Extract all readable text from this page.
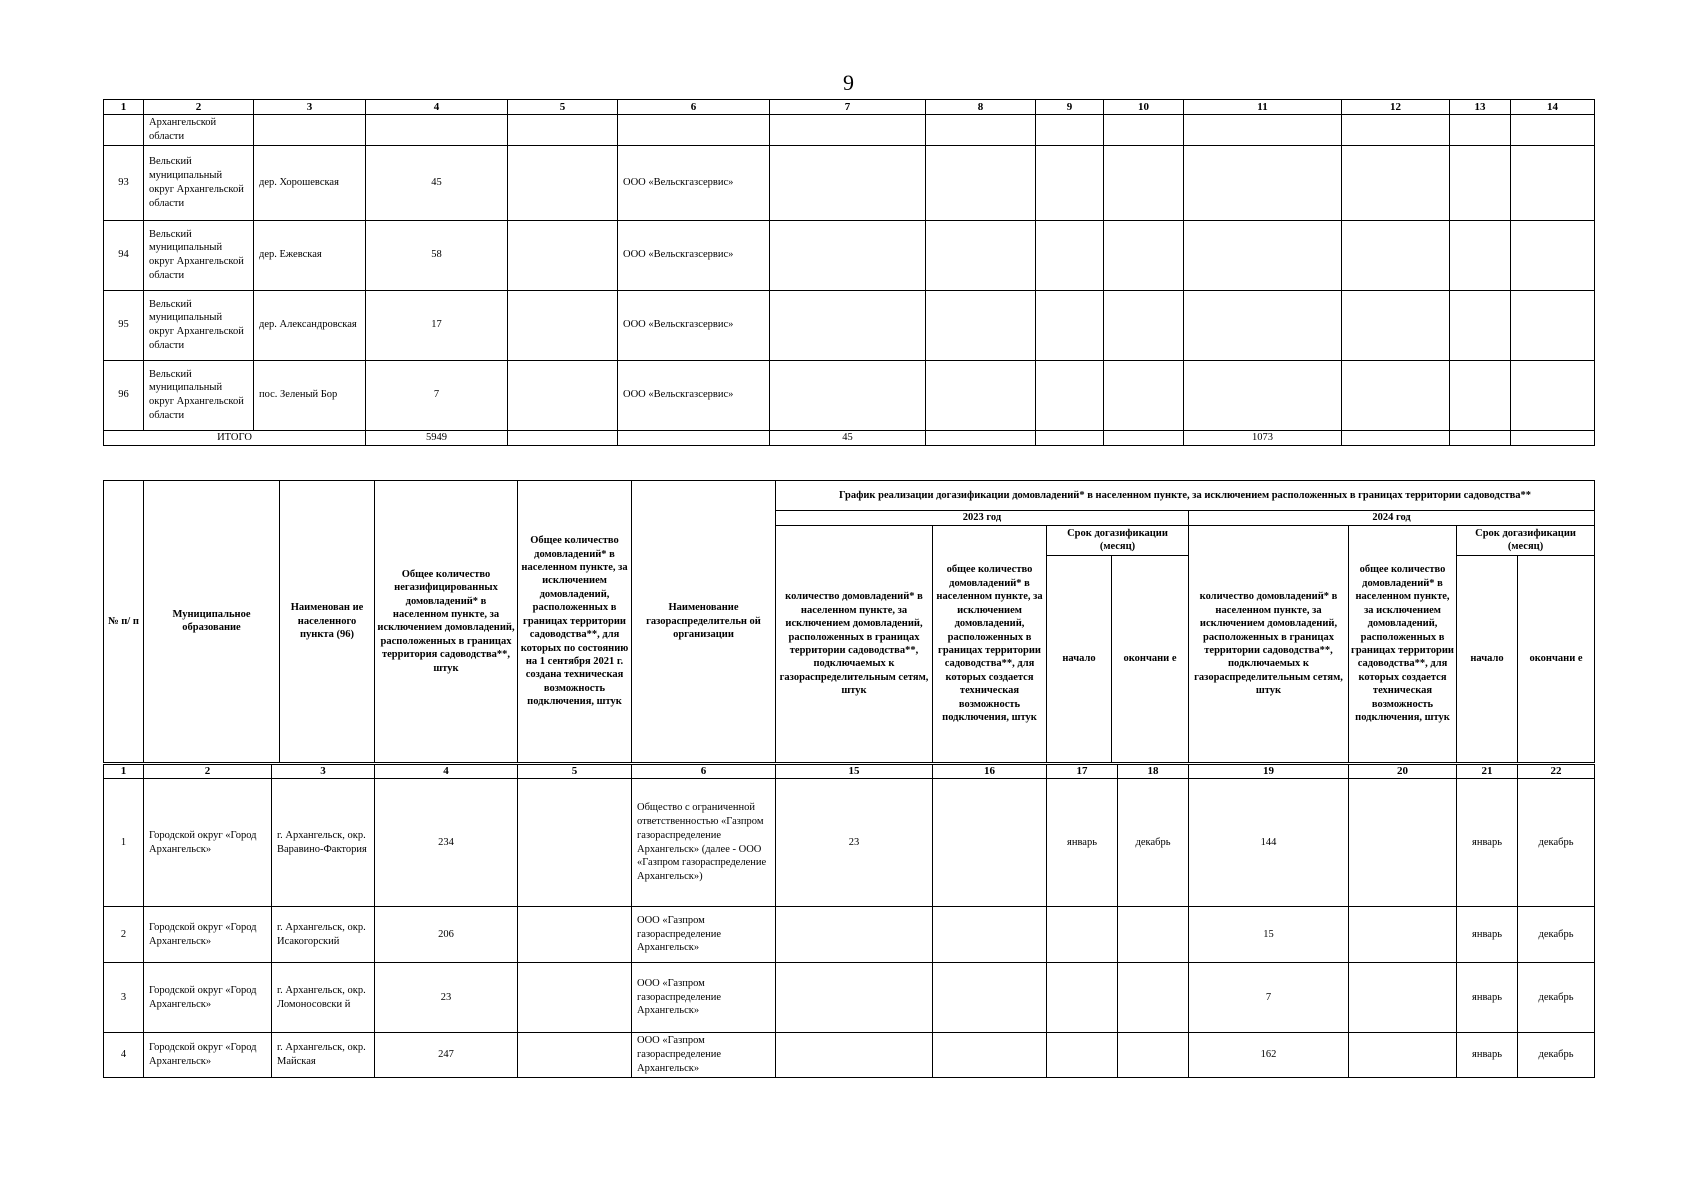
9
1	2	3	4	5	6	7	8	9	10	11	12	13	14
	Архангельской области												
93	Вельский муниципальный округ Архангельской области	дер. Хорошевская	45		ООО «Вельскгазсервис»								
94	Вельский муниципальный округ Архангельской области	дер. Ежевская	58		ООО «Вельскгазсервис»								
95	Вельский муниципальный округ Архангельской области	дер. Александровская	17		ООО «Вельскгазсервис»								
96	Вельский муниципальный округ Архангельской области	пос. Зеленый Бор	7		ООО «Вельскгазсервис»								
ИТОГО			5949			45				1073			
№ п/ п	Муниципальное образование	Наименован ие населенного пункта (96)	Общее количество негазифицированных домовладений* в населенном пункте, за исключением домовладений, расположенных в границах территория садоводства**, штук	Общее количество домовладений* в населенном пункте, за исключением домовладений, расположенных в границах территории садоводства**, для которых по состоянию на 1 сентября 2021 г. создана техническая возможность подключения, штук	Наименование газораспределительн ой организации	График реализации догазификации домовладений* в населенном пункте, за исключением расположенных в границах территории садоводства**							
						2023 год				2024 год			
						количество домовладений* в населенном пункте, за исключением домовладений, расположенных в границах территории садоводства**, подключаемых к газораспределительным сетям, штук	общее количество домовладений* в населенном пункте, за исключением домовладений, расположенных в границах территории садоводства**, для которых создается техническая возможность подключения, штук	Срок догазификации (месяц)		количество домовладений* в населенном пункте, за исключением домовладений, расположенных в границах территории садоводства**, подключаемых к газораспределительным сетям, штук	общее количество домовладений* в населенном пункте, за исключением домовладений, расположенных в границах территории садоводства**, для которых создается техническая возможность подключения, штук	Срок догазификации (месяц)	
								начало	окончани е			начало	окончани е
1	2	3	4	5	6	15	16	17	18	19	20	21	22
1	Городской округ «Город Архангельск»	г. Архангельск, окр. Варавино-Фактория	234		Общество с ограниченной ответственностью «Газпром газораспределение Архангельск» (далее - ООО «Газпром газораспределение Архангельск»)	23		январь	декабрь	144		январь	декабрь
2	Городской округ «Город Архангельск»	г. Архангельск, окр. Исакогорский	206		ООО «Газпром газораспределение Архангельск»					15		январь	декабрь
3	Городской округ «Город Архангельск»	г. Архангельск, окр. Ломоносовски й	23		ООО «Газпром газораспределение Архангельск»					7		январь	декабрь
4	Городской округ «Город Архангельск»	г. Архангельск, окр. Майская	247		ООО «Газпром газораспределение Архангельск»					162		январь	декабрь
